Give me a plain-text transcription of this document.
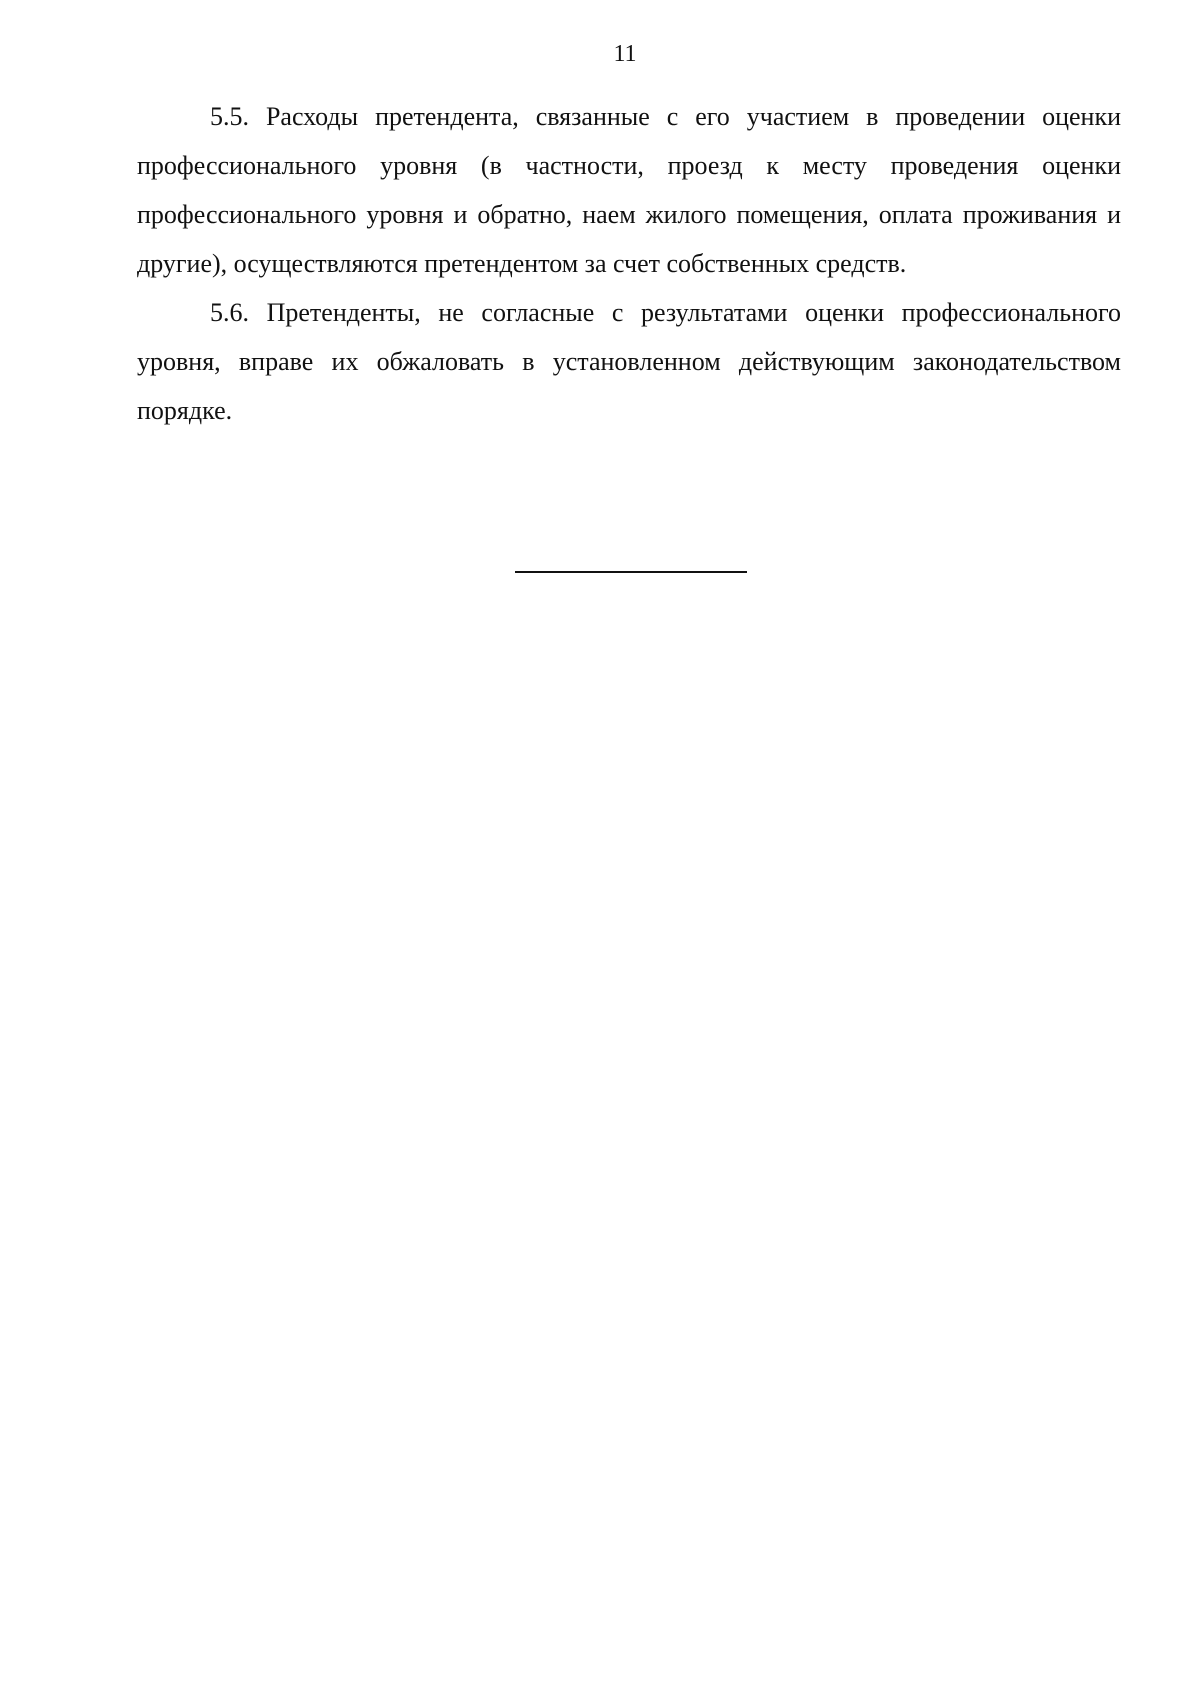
11

5.5. Расходы претендента, связанные с его участием в проведении оценки профессионального уровня (в частности, проезд к месту проведения оценки профессионального уровня и обратно, наем жилого помещения, оплата проживания и другие), осуществляются претендентом за счет собственных средств.

5.6. Претенденты, не согласные с результатами оценки профессионального уровня, вправе их обжаловать в установленном действующим законодательством порядке.
